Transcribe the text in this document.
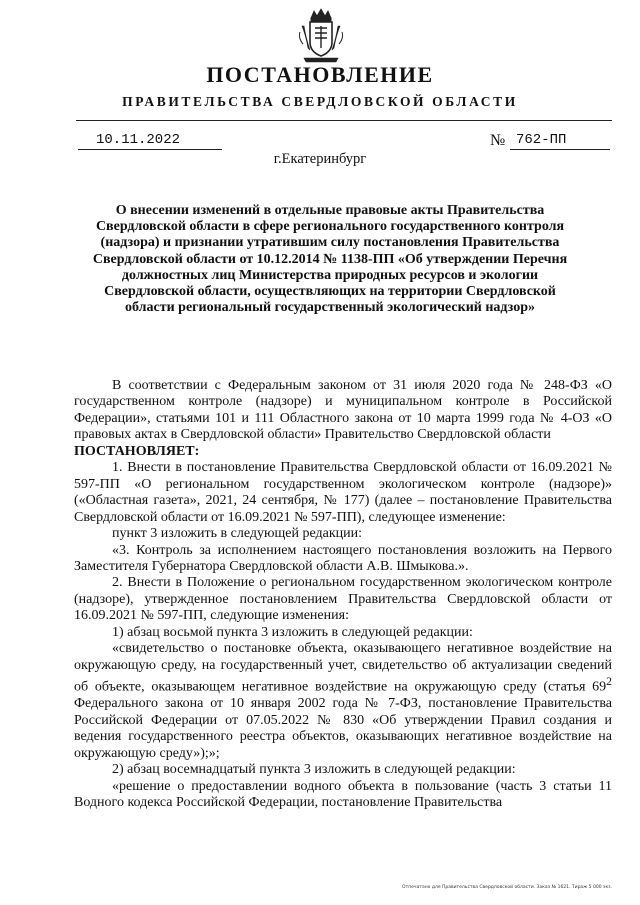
ПОСТАНОВЛЕНИЕ
ПРАВИТЕЛЬСТВА СВЕРДЛОВСКОЙ ОБЛАСТИ
10.11.2022	№ 762-ПП
г.Екатеринбург

О внесении изменений в отдельные правовые акты Правительства Свердловской области в сфере регионального государственного контроля (надзора) и признании утратившим силу постановления Правительства Свердловской области от 10.12.2014 № 1138-ПП «Об утверждении Перечня должностных лиц Министерства природных ресурсов и экологии Свердловской области, осуществляющих на территории Свердловской области региональный государственный экологический надзор»

В соответствии с Федеральным законом от 31 июля 2020 года № 248-ФЗ «О государственном контроле (надзоре) и муниципальном контроле в Российской Федерации», статьями 101 и 111 Областного закона от 10 марта 1999 года № 4-ОЗ «О правовых актах в Свердловской области» Правительство Свердловской области

ПОСТАНОВЛЯЕТ:

1. Внести в постановление Правительства Свердловской области от 16.09.2021 № 597-ПП «О региональном государственном экологическом контроле (надзоре)» («Областная газета», 2021, 24 сентября, № 177) (далее – постановление Правительства Свердловской области от 16.09.2021 № 597-ПП), следующее изменение:

пункт 3 изложить в следующей редакции:

«3. Контроль за исполнением настоящего постановления возложить на Первого Заместителя Губернатора Свердловской области А.В. Шмыкова.».

2. Внести в Положение о региональном государственном экологическом контроле (надзоре), утвержденное постановлением Правительства Свердловской области от 16.09.2021 № 597-ПП, следующие изменения:

1) абзац восьмой пункта 3 изложить в следующей редакции:

«свидетельство о постановке объекта, оказывающего негативное воздействие на окружающую среду, на государственный учет, свидетельство об актуализации сведений об объекте, оказывающем негативное воздействие на окружающую среду (статья $69^2$ Федерального закона от 10 января 2002 года № 7-ФЗ, постановление Правительства Российской Федерации от 07.05.2022 № 830 «Об утверждении Правил создания и ведения государственного реестра объектов, оказывающих негативное воздействие на окружающую среду»);»;

2) абзац восемнадцатый пункта 3 изложить в следующей редакции:

«решение о предоставлении водного объекта в пользование (часть 3 статьи 11 Водного кодекса Российской Федерации, постановление Правительства

Отпечатано для Правительства Свердловской области. Заказ № 1621. Тираж 5 000 экз.
